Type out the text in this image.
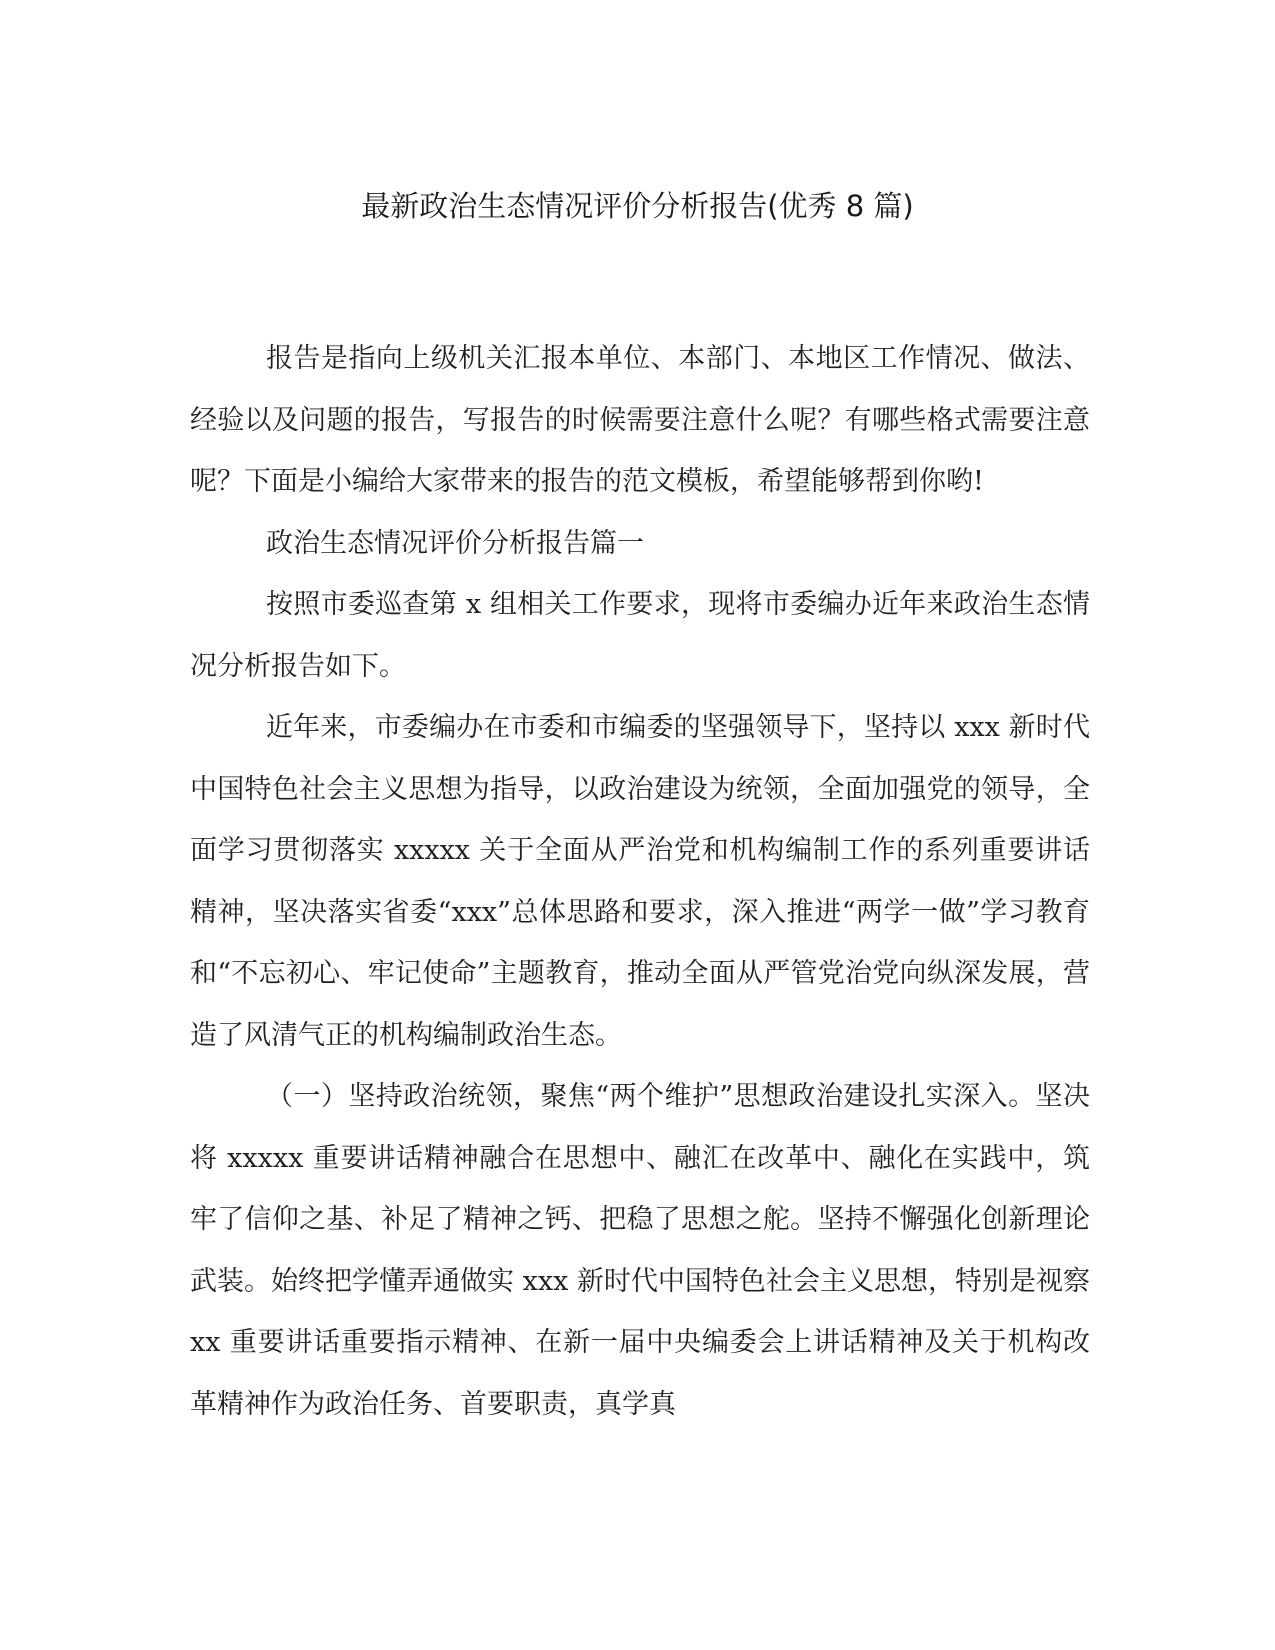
最新政治生态情况评价分析报告(优秀 8 篇)

报告是指向上级机关汇报本单位、本部门、本地区工作情况、做法、经验以及问题的报告，写报告的时候需要注意什么呢？有哪些格式需要注意呢？下面是小编给大家带来的报告的范文模板，希望能够帮到你哟!

政治生态情况评价分析报告篇一

按照市委巡查第 x 组相关工作要求，现将市委编办近年来政治生态情况分析报告如下。

近年来，市委编办在市委和市编委的坚强领导下，坚持以 xxx 新时代中国特色社会主义思想为指导，以政治建设为统领，全面加强党的领导，全面学习贯彻落实 xxxxx 关于全面从严治党和机构编制工作的系列重要讲话精神，坚决落实省委“xxx”总体思路和要求，深入推进“两学一做”学习教育和“不忘初心、牢记使命”主题教育，推动全面从严管党治党向纵深发展，营造了风清气正的机构编制政治生态。

（一）坚持政治统领，聚焦“两个维护”思想政治建设扎实深入。坚决将 xxxxx 重要讲话精神融合在思想中、融汇在改革中、融化在实践中，筑牢了信仰之基、补足了精神之钙、把稳了思想之舵。坚持不懈强化创新理论武装。始终把学懂弄通做实 xxx 新时代中国特色社会主义思想，特别是视察 xx 重要讲话重要指示精神、在新一届中央编委会上讲话精神及关于机构改革精神作为政治任务、首要职责，真学真
